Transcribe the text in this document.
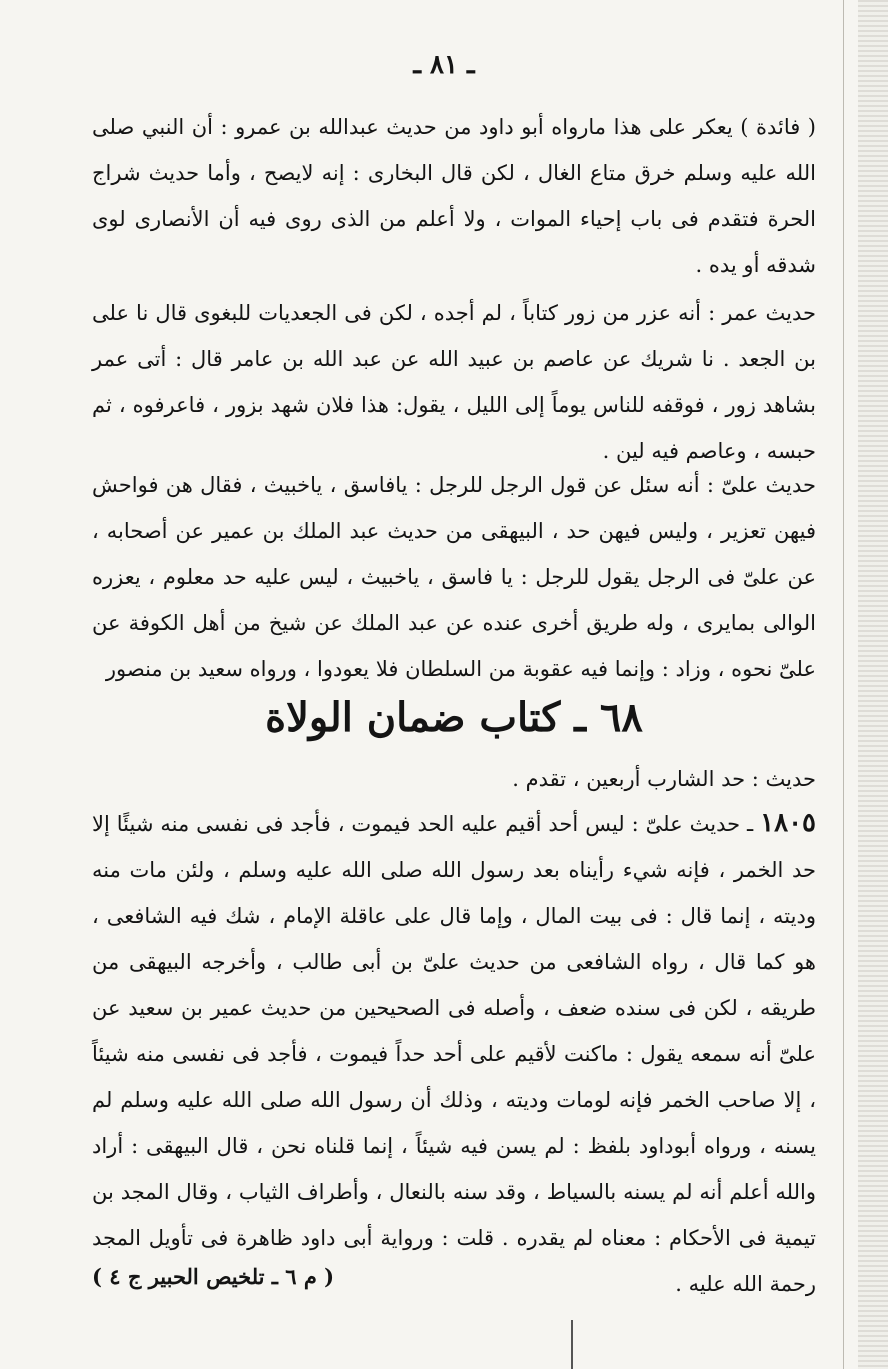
ـ ٨١ ـ

( فائدة ) يعكر على هذا مارواه أبو داود من حديث عبدالله بن عمرو : أن النبي صلى الله عليه وسلم خرق متاع الغال ، لكن قال البخارى : إنه لايصح ، وأما حديث شراج الحرة فتقدم فى باب إحياء الموات ، ولا أعلم من الذى روى فيه أن الأنصارى لوى شدقه أو يده .

حديث عمر : أنه عزر من زور كتاباً ، لم أجده ، لكن فى الجعديات للبغوى قال نا على بن الجعد . نا شريك عن عاصم بن عبيد الله عن عبد الله بن عامر قال : أتى عمر بشاهد زور ، فوقفه للناس يوماً إلى الليل ، يقول: هذا فلان شهد بزور ، فاعرفوه ، ثم حبسه ، وعاصم فيه لين .

حديث علىّ : أنه سئل عن قول الرجل للرجل : يافاسق ، ياخبيث ، فقال هن فواحش فيهن تعزير ، وليس فيهن حد ، البيهقى من حديث عبد الملك بن عمير عن أصحابه ، عن علىّ فى الرجل يقول للرجل : يا فاسق ، ياخبيث ، ليس عليه حد معلوم ، يعزره الوالى بمايرى ، وله طريق أخرى عنده عن عبد الملك عن شيخ من أهل الكوفة عن علىّ نحوه ، وزاد : وإنما فيه عقوبة من السلطان فلا يعودوا ، ورواه سعيد بن منصور

٦٨ ـ كتاب ضمان الولاة

حديث : حد الشارب أربعين ، تقدم .

١٨٠٥ ـ حديث علىّ : ليس أحد أقيم عليه الحد فيموت ، فأجد فى نفسى منه شيئًا إلا حد الخمر ، فإنه شيء رأيناه بعد رسول الله صلى الله عليه وسلم ، ولئن مات منه وديته ، إنما قال : فى بيت المال ، وإما قال على عاقلة الإمام ، شك فيه الشافعى ، هو كما قال ، رواه الشافعى من حديث علىّ بن أبى طالب ، وأخرجه البيهقى من طريقه ، لكن فى سنده ضعف ، وأصله فى الصحيحين من حديث عمير بن سعيد عن علىّ أنه سمعه يقول : ماكنت لأقيم على أحد حداً فيموت ، فأجد فى نفسى منه شيئاً ، إلا صاحب الخمر فإنه لومات وديته ، وذلك أن رسول الله صلى الله عليه وسلم لم يسنه ، ورواه أبوداود بلفظ : لم يسن فيه شيئاً ، إنما قلناه نحن ، قال البيهقى : أراد والله أعلم أنه لم يسنه بالسياط ، وقد سنه بالنعال ، وأطراف الثياب ، وقال المجد بن تيمية فى الأحكام : معناه لم يقدره . قلت : ورواية أبى داود ظاهرة فى تأويل المجد رحمة الله عليه .

( م ٦ ـ تلخيص الحبير ج ٤ )
